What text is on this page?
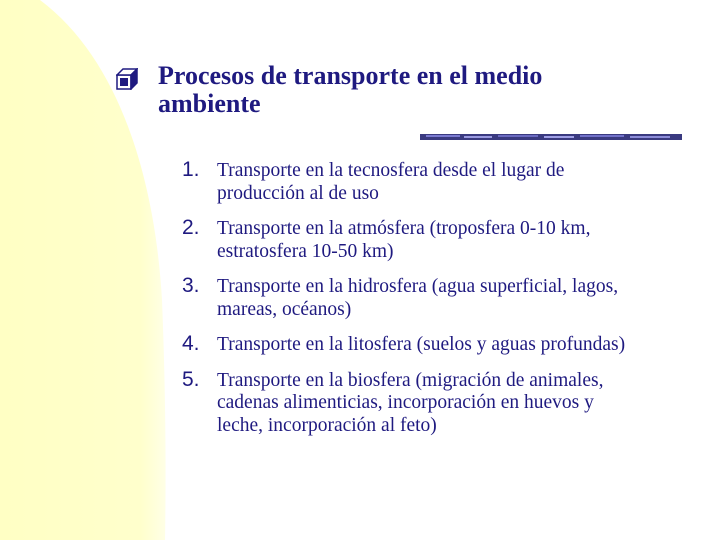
Procesos de transporte en el medio ambiente
1. Transporte en la tecnosfera desde el lugar de producción al de uso
2. Transporte en la atmósfera (troposfera 0-10 km, estratosfera 10-50 km)
3. Transporte en la hidrosfera (agua superficial, lagos, mareas, océanos)
4. Transporte en la litosfera (suelos y aguas profundas)
5. Transporte en la biosfera (migración de animales, cadenas alimenticias, incorporación en huevos y leche, incorporación al feto)
